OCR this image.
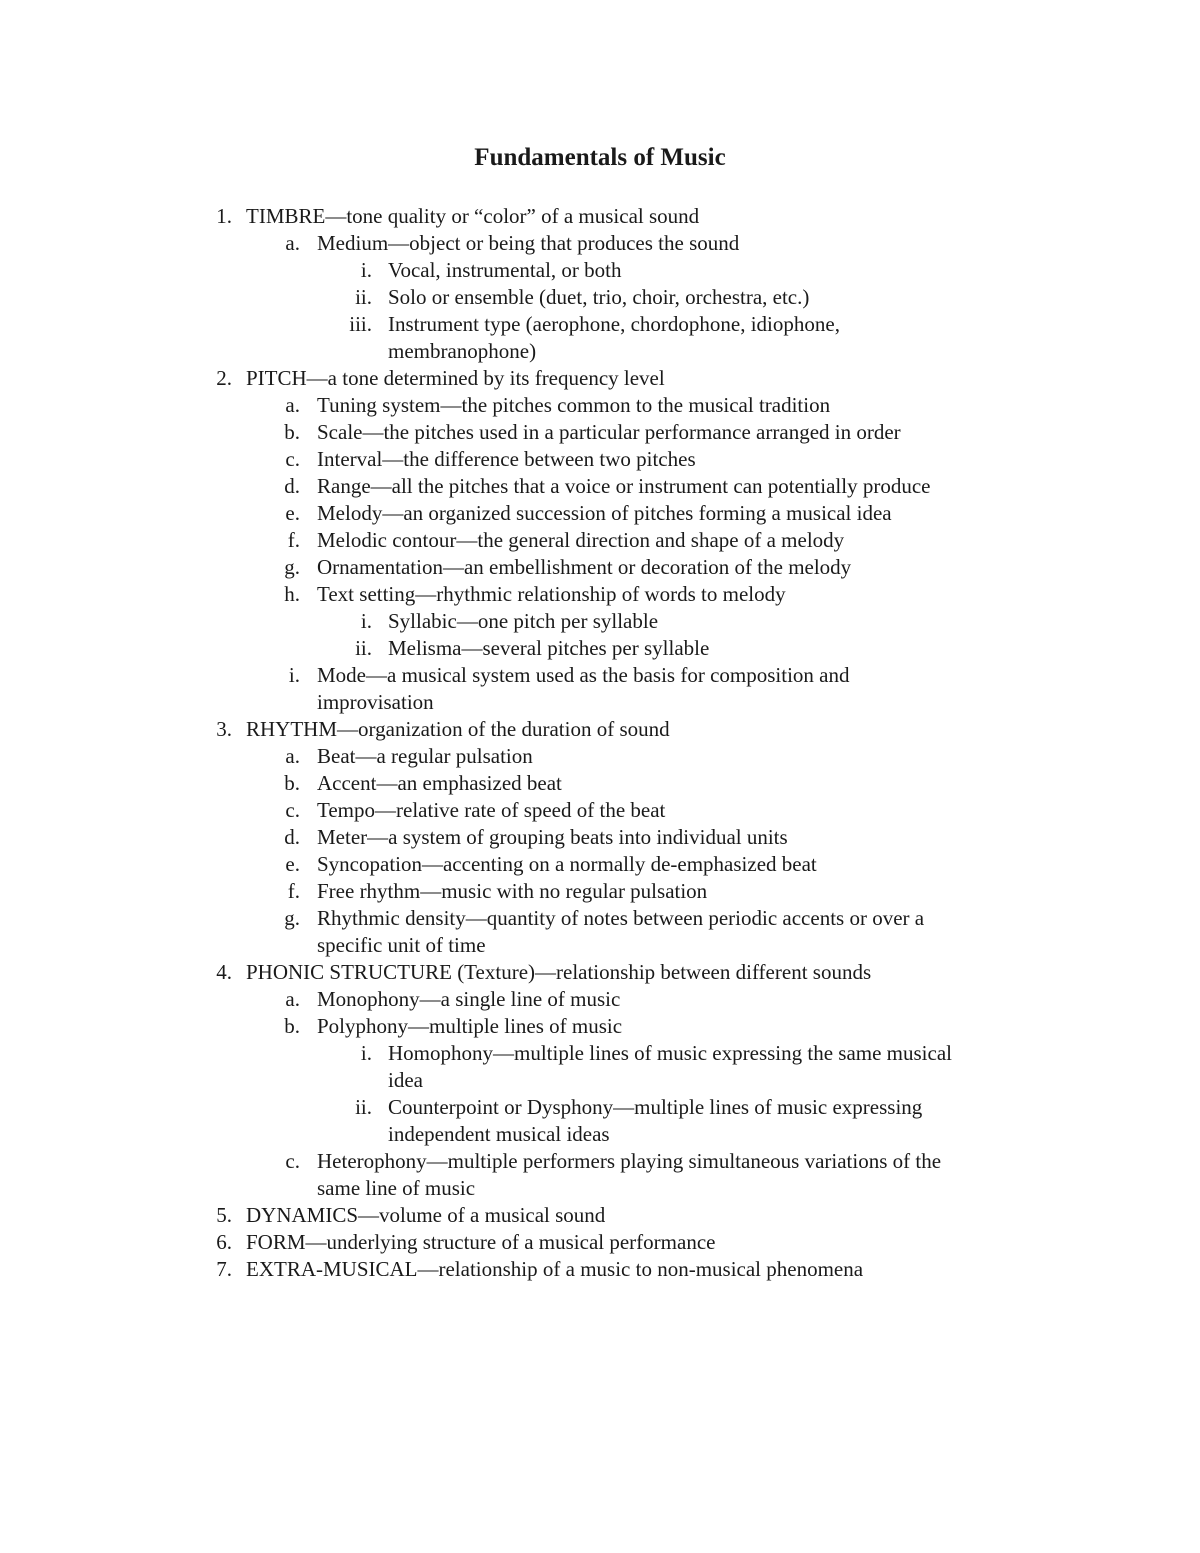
Fundamentals of Music
1. TIMBRE—tone quality or “color” of a musical sound
a. Medium—object or being that produces the sound
i. Vocal, instrumental, or both
ii. Solo or ensemble (duet, trio, choir, orchestra, etc.)
iii. Instrument type (aerophone, chordophone, idiophone,
membranophone)
2. PITCH—a tone determined by its frequency level
a. Tuning system—the pitches common to the musical tradition
b. Scale—the pitches used in a particular performance arranged in order
c. Interval—the difference between two pitches
d. Range—all the pitches that a voice or instrument can potentially produce
e. Melody—an organized succession of pitches forming a musical idea
f. Melodic contour—the general direction and shape of a melody
g. Ornamentation—an embellishment or decoration of the melody
h. Text setting—rhythmic relationship of words to melody
i. Syllabic—one pitch per syllable
ii. Melisma—several pitches per syllable
i. Mode—a musical system used as the basis for composition and
improvisation
3. RHYTHM—organization of the duration of sound
a. Beat—a regular pulsation
b. Accent—an emphasized beat
c. Tempo—relative rate of speed of the beat
d. Meter—a system of grouping beats into individual units
e. Syncopation—accenting on a normally de-emphasized beat
f. Free rhythm—music with no regular pulsation
g. Rhythmic density—quantity of notes between periodic accents or over a
specific unit of time
4. PHONIC STRUCTURE (Texture)—relationship between different sounds
a. Monophony—a single line of music
b. Polyphony—multiple lines of music
i. Homophony—multiple lines of music expressing the same musical
idea
ii. Counterpoint or Dysphony—multiple lines of music expressing
independent musical ideas
c. Heterophony—multiple performers playing simultaneous variations of the
same line of music
5. DYNAMICS—volume of a musical sound
6. FORM—underlying structure of a musical performance
7. EXTRA-MUSICAL—relationship of a music to non-musical phenomena
